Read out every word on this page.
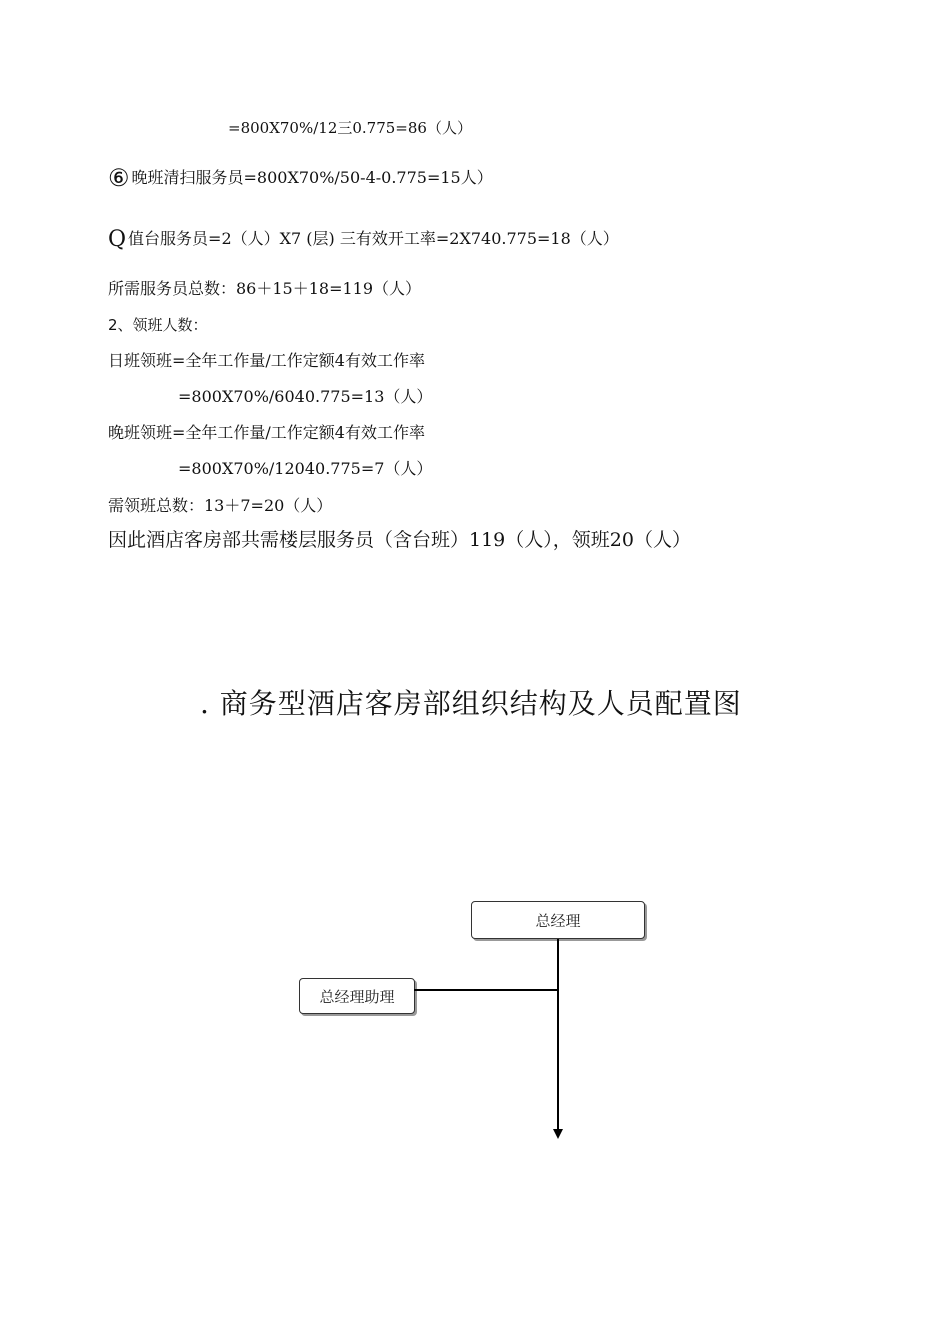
=800X70%/12三0.775=86（人）
⑥ 晚班清扫服务员=800X70%/50-4-0.775=15人）
Q 值台服务员=2（人）X7 (层) 三有效开工率=2X740.775=18（人）
所需服务员总数：86＋15＋18=119（人）
2、领班人数：
日班领班=全年工作量/工作定额4有效工作率
=800X70%/6040.775=13（人）
晚班领班=全年工作量/工作定额4有效工作率
=800X70%/12040.775=7（人）
需领班总数：13＋7=20（人）
因此酒店客房部共需楼层服务员（含台班）119（人），领班20（人）
. 商务型酒店客房部组织结构及人员配置图
总经理
总经理助理
